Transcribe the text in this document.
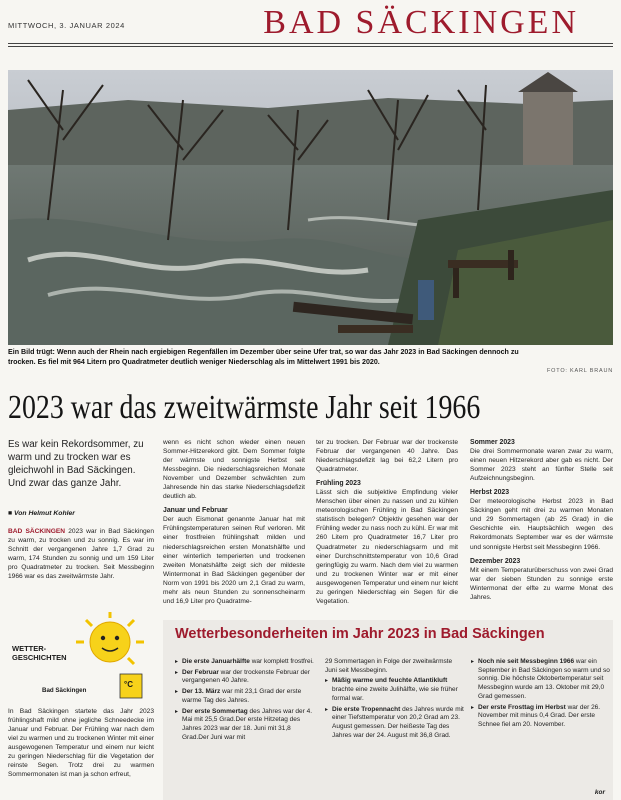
MITTWOCH, 3. JANUAR 2024	BAD SÄCKINGEN
Ein Bild trügt: Wenn auch der Rhein nach ergiebigen Regenfällen im Dezember über seine Ufer trat, so war das Jahr 2023 in Bad Säckingen dennoch zu
trocken. Es fiel mit 964 Litern pro Quadratmeter deutlich weniger Niederschlag als im Mittelwert 1991 bis 2020.
FOTO: KARL BRAUN
2023 war das zweitwärmste Jahr seit 1966
Es war kein Rekordsommer, zu warm und zu trocken war es gleichwohl in Bad Säckingen. Und zwar das ganze Jahr.
■ Von Helmut Kohler
BAD SÄCKINGEN 2023 war in Bad Säckingen zu warm, zu trocken und zu sonnig. Es war im Schnitt der vergangenen Jahre 1,7 Grad zu warm, 174 Stunden zu sonnig und um 159 Liter pro Quadratmeter zu trocken. Seit Messbeginn 1966 war es das zweitwärmste Jahr.
WETTER-
GESCHICHTEN
Bad Säckingen
°C
In Bad Säckingen startete das Jahr 2023 frühlingshaft mild ohne jegliche Schneedecke im Januar und Februar. Der Frühling war nach dem viel zu warmen und zu trockenen Winter mit einer ausgewogenen Temperatur und einem nur leicht zu geringen Niederschlag für die Vegetation der reinste Segen. Trotz drei zu warmen Sommermonaten ist man ja schon erfreut,
wenn es nicht schon wieder einen neuen Sommer-Hitzerekord gibt. Dem Sommer folgte der wärmste und sonnigste Herbst seit Messbeginn. Die niederschlagsreichen Monate November und Dezember schwächten zum Jahresende hin das starke Niederschlagsdefizit deutlich ab.
Januar und Februar
Der auch Eismonat genannte Januar hat mit Frühlingstemperaturen seinen Ruf verloren. Mit einer frostfreien frühlingshaft milden und niederschlagsreichen ersten Monatshälfte und einer winterlich temperierten und trockenen zweiten Monatshälfte zeigt sich der mildeste Wintermonat in Bad Säckingen gegenüber der Norm von 1991 bis 2020 um 2,1 Grad zu warm, mehr als neun Stunden zu sonnenscheinarm und 16,9 Liter pro Quadratme-
ter zu trocken. Der Februar war der trockenste Februar der vergangenen 40 Jahre. Das Niederschlagsdefizit lag bei 62,2 Litern pro Quadratmeter.
Frühling 2023
Lässt sich die subjektive Empfindung vieler Menschen über einen zu nassen und zu kühlen meteorologischen Frühling in Bad Säckingen statistisch belegen? Objektiv gesehen war der Frühling weder zu nass noch zu kühl. Er war mit 260 Litern pro Quadratmeter 16,7 Liter pro Quadratmeter zu niederschlagsarm und mit einer Durchschnittstemperatur von 10,6 Grad geringfügig zu warm. Nach dem viel zu warmen und zu trockenen Winter war er mit einer ausgewogenen Temperatur und einem nur leicht zu geringen Niederschlag ein Segen für die Vegetation.
Sommer 2023
Die drei Sommermonate waren zwar zu warm, einen neuen Hitzerekord aber gab es nicht. Der Sommer 2023 steht an fünfter Stelle seit Aufzeichnungsbeginn.
Herbst 2023
Der meteorologische Herbst 2023 in Bad Säckingen geht mit drei zu warmen Monaten und 29 Sommertagen (ab 25 Grad) in die Geschichte ein. Hauptsächlich wegen des Rekordmonats September war es der wärmste und sonnigste Herbst seit Messbeginn 1966.
Dezember 2023
Mit einem Temperaturüberschuss von zwei Grad war der sieben Stunden zu sonnige erste Wintermonat der elfte zu warme Monat des Jahres.
Wetterbesonderheiten im Jahr 2023 in Bad Säckingen
▸ Die erste Januarhälfte war komplett frostfrei.
▸ Der Februar war der trockenste Februar der vergangenen 40 Jahre.
▸ Der 13. März war mit 23,1 Grad der erste warme Tag des Jahres.
▸ Der erste Sommertag des Jahres war der 4. Mai mit 25,5 Grad.Der erste Hitzetag des Jahres 2023 war der 18. Juni mit 31,8 Grad.Der Juni war mit
29 Sommertagen in Folge der zweitwärmste Juni seit Messbeginn.
▸ Mäßig warme und feuchte Atlantikluft brachte eine zweite Julihälfte, wie sie früher formal war.
▸ Die erste Tropennacht des Jahres wurde mit einer Tiefsttemperatur von 20,2 Grad am 23. August gemessen. Der heißeste Tag des Jahres war der 24. August mit 36,8 Grad.
▸ Noch nie seit Messbeginn 1966 war ein September in Bad Säckingen so warm und so sonnig. Die höchste Oktobertemperatur seit Messbeginn wurde am 13. Oktober mit 29,0 Grad gemessen.
▸ Der erste Frosttag im Herbst war der 26. November mit minus 0,4 Grad. Der erste Schnee fiel am 20. November.
kor
